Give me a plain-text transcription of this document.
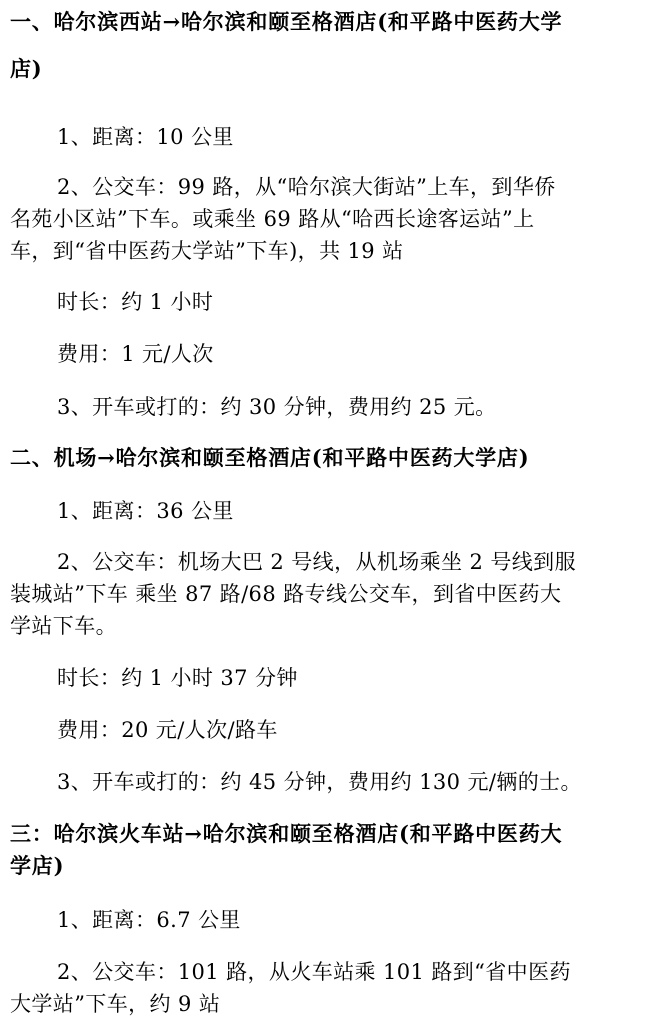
一、哈尔滨西站→哈尔滨和颐至格酒店(和平路中医药大学
店)
1、距离：10 公里
2、公交车：99 路，从“哈尔滨大街站”上车，到华侨
名苑小区站”下车。或乘坐 69 路从“哈西长途客运站”上
车，到“省中医药大学站”下车)，共 19 站
时长：约 1 小时
费用：1 元/人次
3、开车或打的：约 30 分钟，费用约 25 元。
二、机场→哈尔滨和颐至格酒店(和平路中医药大学店)
1、距离：36 公里
2、公交车：机场大巴 2 号线，从机场乘坐 2 号线到服
装城站”下车 乘坐 87 路/68 路专线公交车，到省中医药大
学站下车。
时长：约 1 小时 37 分钟
费用：20 元/人次/路车
3、开车或打的：约 45 分钟，费用约 130 元/辆的士。
三：哈尔滨火车站→哈尔滨和颐至格酒店(和平路中医药大
学店)
1、距离：6.7 公里
2、公交车：101 路，从火车站乘 101 路到“省中医药
大学站”下车，约 9 站
